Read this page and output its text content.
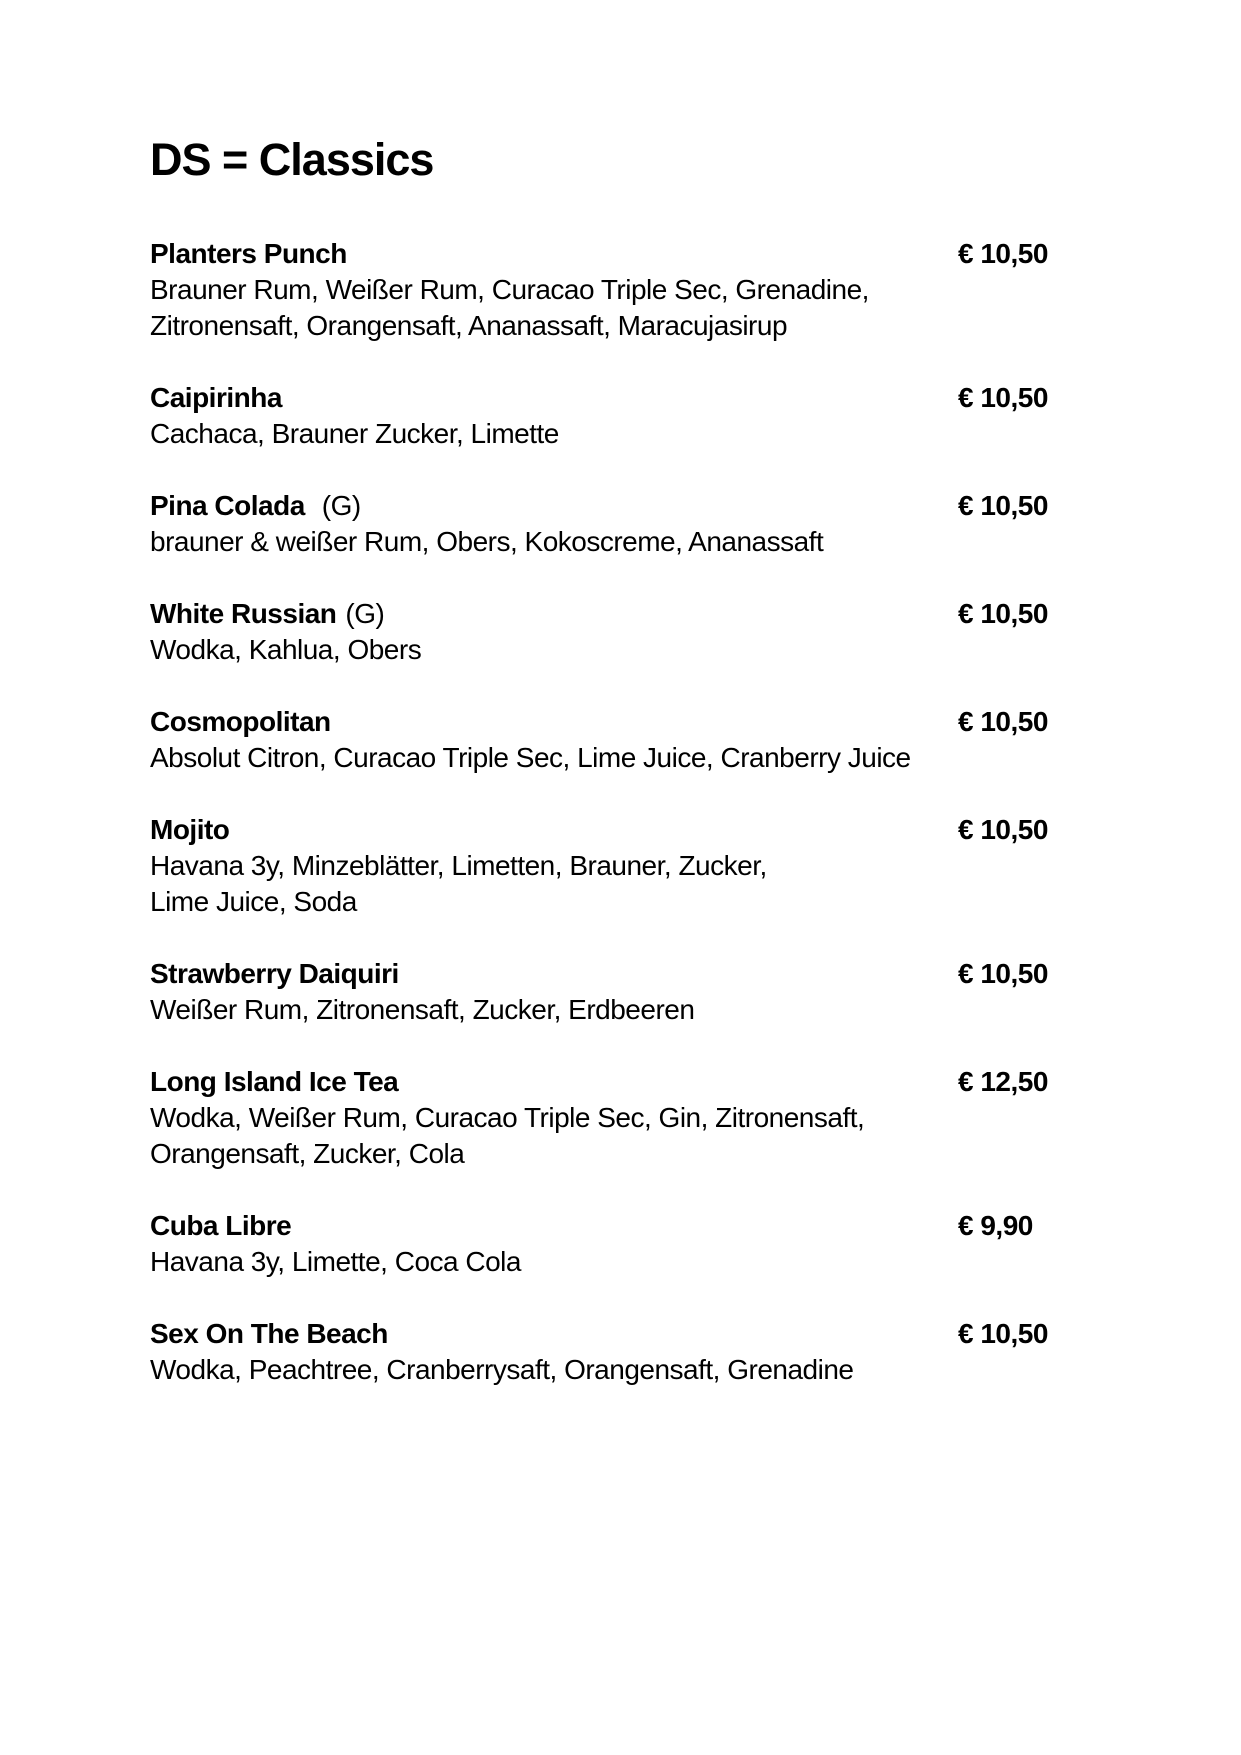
DS = Classics
Planters Punch	€ 10,50
Brauner Rum, Weißer Rum, Curacao Triple Sec, Grenadine,
Zitronensaft, Orangensaft, Ananassaft, Maracujasirup
Caipirinha	€ 10,50
Cachaca, Brauner Zucker, Limette
Pina Colada (G)	€ 10,50
brauner & weißer Rum, Obers, Kokoscreme, Ananassaft
White Russian (G)	€ 10,50
Wodka, Kahlua, Obers
Cosmopolitan	€ 10,50
Absolut Citron, Curacao Triple Sec, Lime Juice, Cranberry Juice
Mojito	€ 10,50
Havana 3y, Minzeblätter, Limetten, Brauner, Zucker,
Lime Juice, Soda
Strawberry Daiquiri	€ 10,50
Weißer Rum, Zitronensaft, Zucker, Erdbeeren
Long Island Ice Tea	€ 12,50
Wodka, Weißer Rum, Curacao Triple Sec, Gin, Zitronensaft,
Orangensaft, Zucker, Cola
Cuba Libre	€ 9,90
Havana 3y, Limette, Coca Cola
Sex On The Beach	€ 10,50
Wodka, Peachtree, Cranberrysaft, Orangensaft, Grenadine
